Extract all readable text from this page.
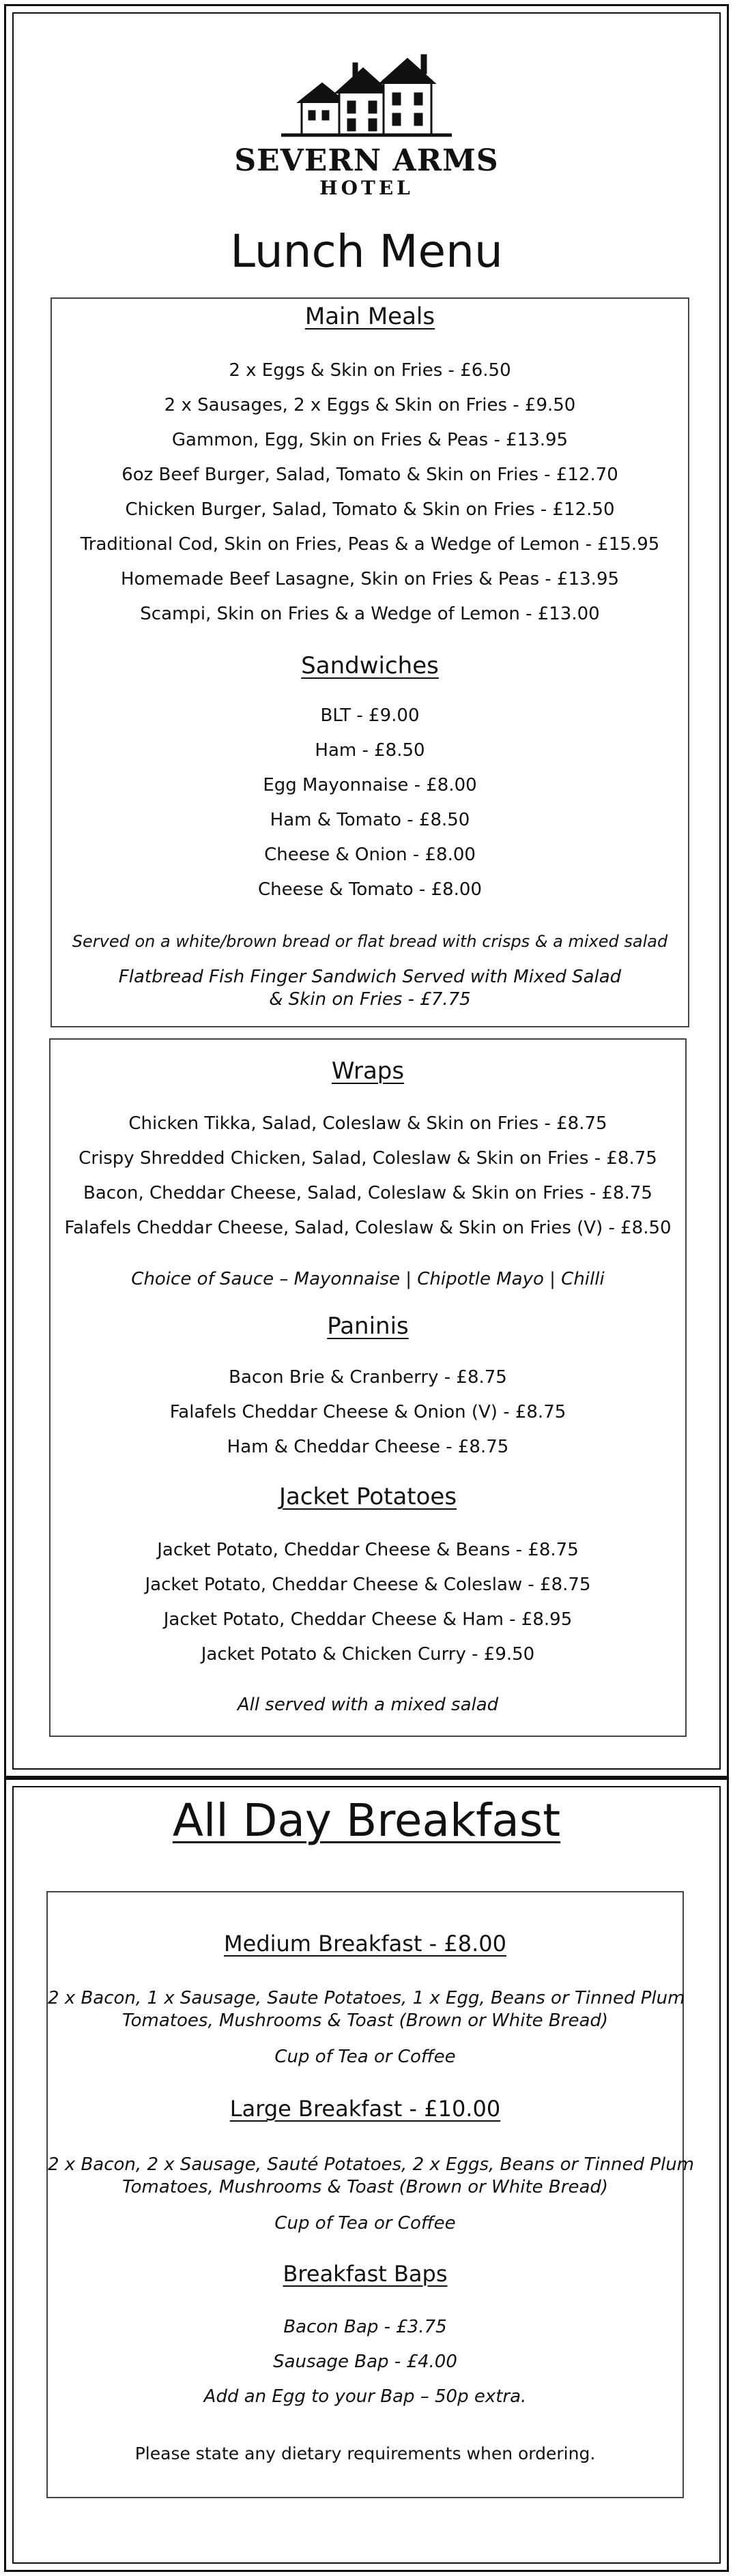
SEVERN ARMS
HOTEL
Lunch Menu
Main Meals
2 x Eggs & Skin on Fries - £6.50
2 x Sausages, 2 x Eggs & Skin on Fries - £9.50
Gammon, Egg, Skin on Fries & Peas - £13.95
6oz Beef Burger, Salad, Tomato & Skin on Fries - £12.70
Chicken Burger, Salad, Tomato & Skin on Fries - £12.50
Traditional Cod, Skin on Fries, Peas & a Wedge of Lemon - £15.95
Homemade Beef Lasagne, Skin on Fries & Peas - £13.95
Scampi, Skin on Fries & a Wedge of Lemon - £13.00
Sandwiches
BLT - £9.00
Ham - £8.50
Egg Mayonnaise - £8.00
Ham & Tomato - £8.50
Cheese & Onion - £8.00
Cheese & Tomato - £8.00
Served on a white/brown bread or flat bread with crisps & a mixed salad
Flatbread Fish Finger Sandwich Served with Mixed Salad
& Skin on Fries - £7.75
Wraps
Chicken Tikka, Salad, Coleslaw & Skin on Fries - £8.75
Crispy Shredded Chicken, Salad, Coleslaw & Skin on Fries - £8.75
Bacon, Cheddar Cheese, Salad, Coleslaw & Skin on Fries - £8.75
Falafels Cheddar Cheese, Salad, Coleslaw & Skin on Fries (V) - £8.50
Choice of Sauce – Mayonnaise | Chipotle Mayo | Chilli
Paninis
Bacon Brie & Cranberry - £8.75
Falafels Cheddar Cheese & Onion (V) - £8.75
Ham & Cheddar Cheese - £8.75
Jacket Potatoes
Jacket Potato, Cheddar Cheese & Beans - £8.75
Jacket Potato, Cheddar Cheese & Coleslaw - £8.75
Jacket Potato, Cheddar Cheese & Ham - £8.95
Jacket Potato & Chicken Curry - £9.50
All served with a mixed salad
All Day Breakfast
Medium Breakfast - £8.00
2 x Bacon, 1 x Sausage, Saute Potatoes, 1 x Egg, Beans or Tinned Plum
Tomatoes, Mushrooms & Toast (Brown or White Bread)
Cup of Tea or Coffee
Large Breakfast - £10.00
2 x Bacon, 2 x Sausage, Sauté Potatoes, 2 x Eggs, Beans or Tinned Plum
Tomatoes, Mushrooms & Toast (Brown or White Bread)
Cup of Tea or Coffee
Breakfast Baps
Bacon Bap - £3.75
Sausage Bap - £4.00
Add an Egg to your Bap – 50p extra.
Please state any dietary requirements when ordering.
